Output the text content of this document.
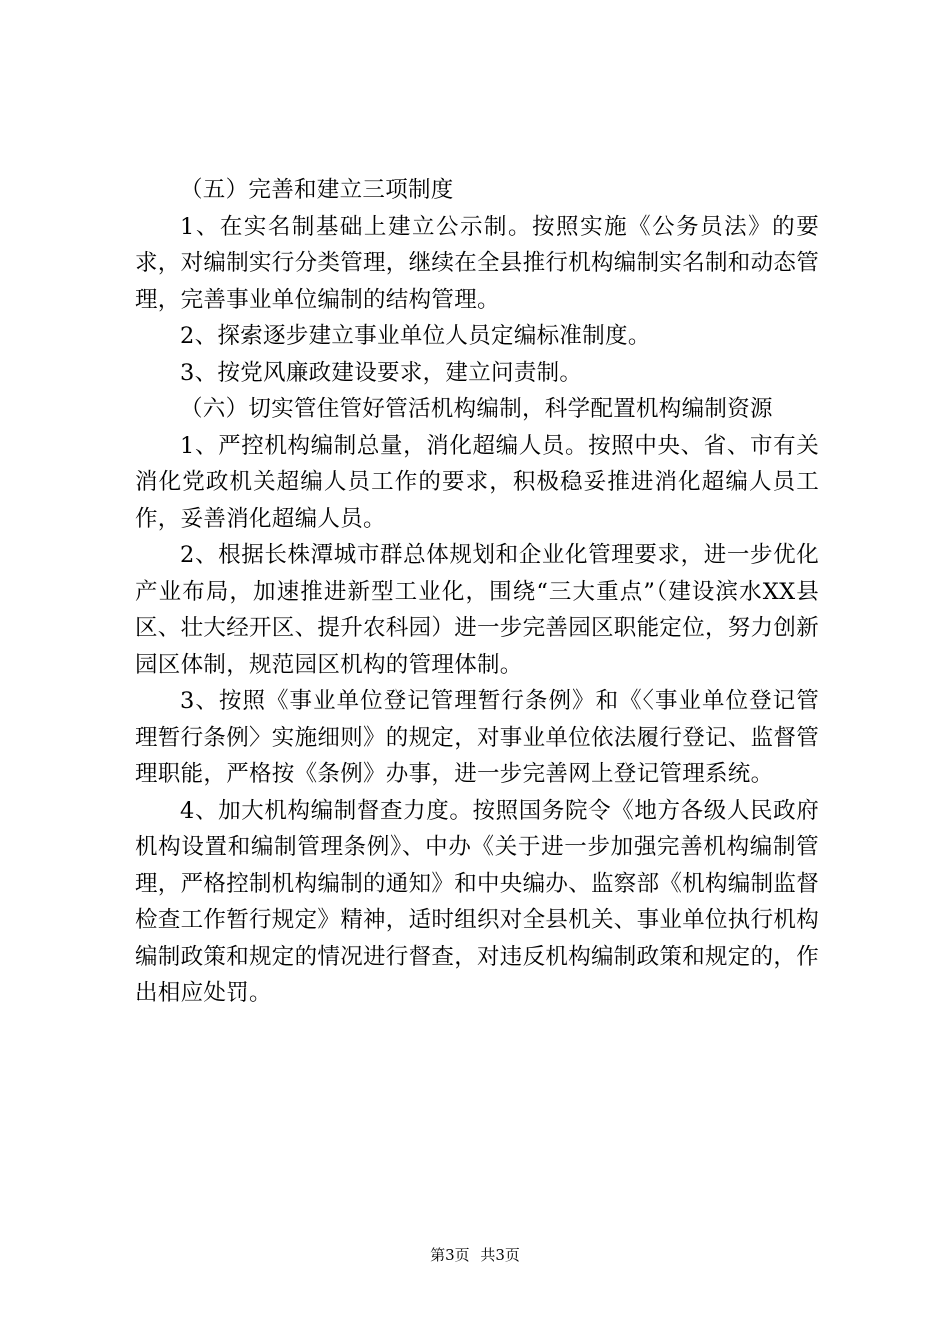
（五）完善和建立三项制度

1、在实名制基础上建立公示制。按照实施《公务员法》的要求，对编制实行分类管理，继续在全县推行机构编制实名制和动态管理，完善事业单位编制的结构管理。

2、探索逐步建立事业单位人员定编标准制度。

3、按党风廉政建设要求，建立问责制。

（六）切实管住管好管活机构编制，科学配置机构编制资源

1、严控机构编制总量，消化超编人员。按照中央、省、市有关消化党政机关超编人员工作的要求，积极稳妥推进消化超编人员工作，妥善消化超编人员。

2、根据长株潭城市群总体规划和企业化管理要求，进一步优化产业布局，加速推进新型工业化，围绕“三大重点”（建设滨水XX县区、壮大经开区、提升农科园）进一步完善园区职能定位，努力创新园区体制，规范园区机构的管理体制。

3、按照《事业单位登记管理暂行条例》和《〈事业单位登记管理暂行条例〉实施细则》的规定，对事业单位依法履行登记、监督管理职能，严格按《条例》办事，进一步完善网上登记管理系统。

4、加大机构编制督查力度。按照国务院令《地方各级人民政府机构设置和编制管理条例》、中办《关于进一步加强完善机构编制管理，严格控制机构编制的通知》和中央编办、监察部《机构编制监督检查工作暂行规定》精神，适时组织对全县机关、事业单位执行机构编制政策和规定的情况进行督查，对违反机构编制政策和规定的，作出相应处罚。

第3页 共3页
